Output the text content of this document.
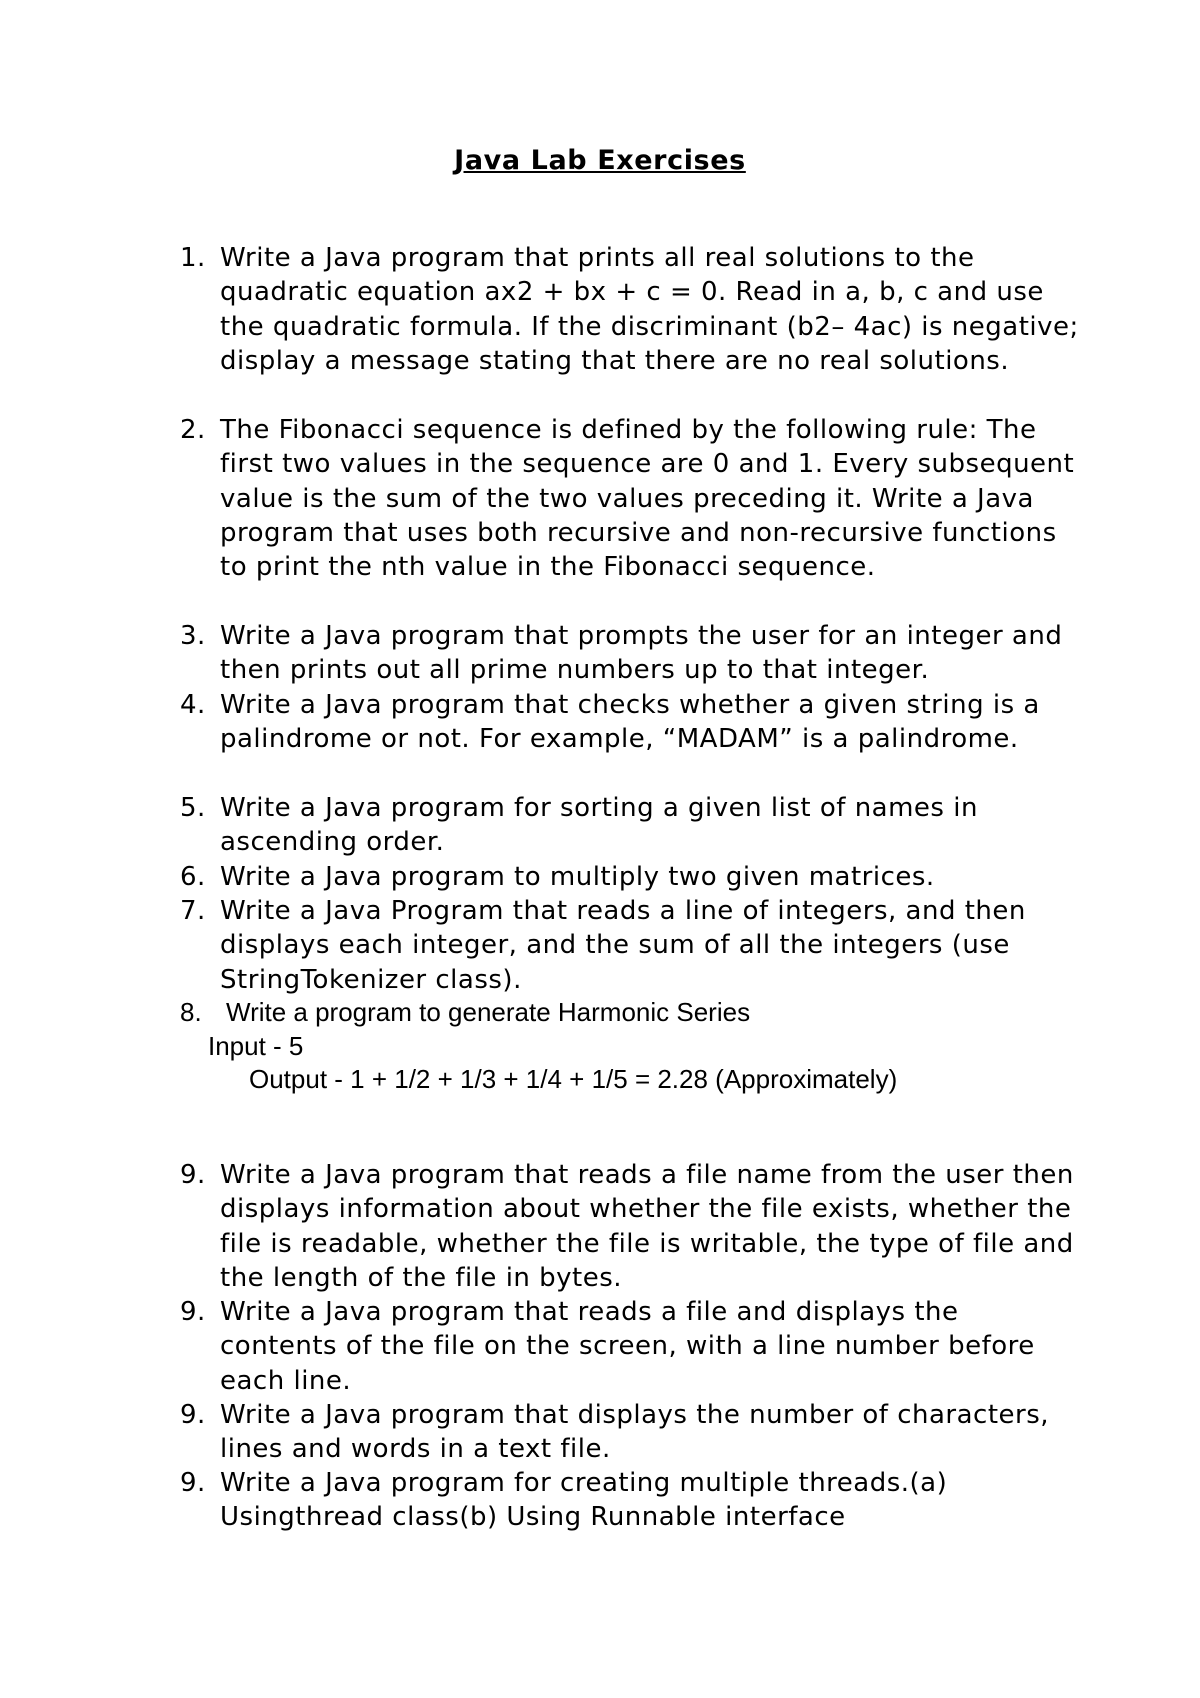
Java Lab Exercises
1. Write a Java program that prints all real solutions to the quadratic equation ax2 + bx + c = 0. Read in a, b, c and use the quadratic formula. If the discriminant (b2– 4ac) is negative; display a message stating that there are no real solutions.
2. The Fibonacci sequence is defined by the following rule: The first two values in the sequence are 0 and 1. Every subsequent value is the sum of the two values preceding it. Write a Java program that uses both recursive and non-recursive functions to print the nth value in the Fibonacci sequence.
3. Write a Java program that prompts the user for an integer and then prints out all prime numbers up to that integer.
4. Write a Java program that checks whether a given string is a palindrome or not. For example, “MADAM” is a palindrome.
5. Write a Java program for sorting a given list of names in ascending order.
6. Write a Java program to multiply two given matrices.
7. Write a Java Program that reads a line of integers, and then displays each integer, and the sum of all the integers (use StringTokenizer class).
8. Write a program to generate Harmonic Series
Input - 5
Output - 1 + 1/2 + 1/3 + 1/4 + 1/5 = 2.28 (Approximately)
9. Write a Java program that reads a file name from the user then displays information about whether the file exists, whether the file is readable, whether the file is writable, the type of file and the length of the file in bytes.
9. Write a Java program that reads a file and displays the contents of the file on the screen, with a line number before each line.
9. Write a Java program that displays the number of characters, lines and words in a text file.
9. Write a Java program for creating multiple threads.(a) Usingthread class(b) Using Runnable interface
